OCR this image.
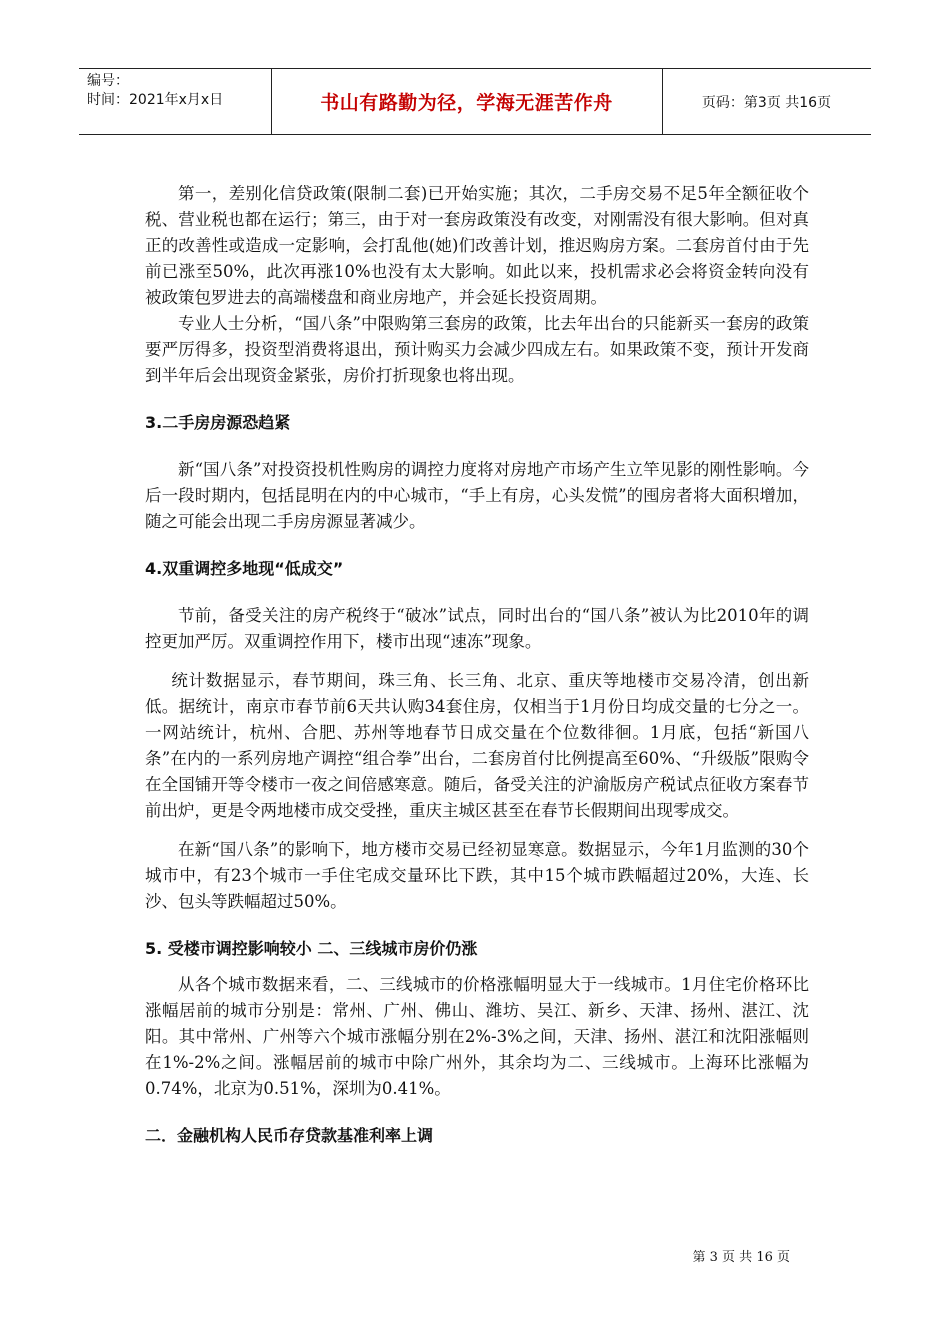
编号：
时间：2021年x月x日	书山有路勤为径，学海无涯苦作舟	页码：第3页 共16页

第一，差别化信贷政策(限制二套)已开始实施；其次，二手房交易不足5年全额征收个税、营业税也都在运行；第三，由于对一套房政策没有改变，对刚需没有很大影响。但对真正的改善性或造成一定影响，会打乱他(她)们改善计划，推迟购房方案。二套房首付由于先前已涨至50%，此次再涨10%也没有太大影响。如此以来，投机需求必会将资金转向没有被政策包罗进去的高端楼盘和商业房地产，并会延长投资周期。

专业人士分析，“国八条”中限购第三套房的政策，比去年出台的只能新买一套房的政策要严厉得多，投资型消费将退出，预计购买力会减少四成左右。如果政策不变，预计开发商到半年后会出现资金紧张，房价打折现象也将出现。

3.二手房房源恐趋紧

新“国八条”对投资投机性购房的调控力度将对房地产市场产生立竿见影的刚性影响。今后一段时期内，包括昆明在内的中心城市，“手上有房，心头发慌”的囤房者将大面积增加，随之可能会出现二手房房源显著减少。

4.双重调控多地现“低成交”

节前，备受关注的房产税终于“破冰”试点，同时出台的“国八条”被认为比2010年的调控更加严厉。双重调控作用下，楼市出现“速冻”现象。

统计数据显示，春节期间，珠三角、长三角、北京、重庆等地楼市交易冷清，创出新低。据统计，南京市春节前6天共认购34套住房，仅相当于1月份日均成交量的七分之一。一网站统计，杭州、合肥、苏州等地春节日成交量在个位数徘徊。1月底，包括“新国八条”在内的一系列房地产调控“组合拳”出台，二套房首付比例提高至60%、“升级版”限购令在全国铺开等令楼市一夜之间倍感寒意。随后，备受关注的沪渝版房产税试点征收方案春节前出炉，更是令两地楼市成交受挫，重庆主城区甚至在春节长假期间出现零成交。

在新“国八条”的影响下，地方楼市交易已经初显寒意。数据显示，今年1月监测的30个城市中，有23个城市一手住宅成交量环比下跌，其中15个城市跌幅超过20%，大连、长沙、包头等跌幅超过50%。

5. 受楼市调控影响较小 二、三线城市房价仍涨

从各个城市数据来看，二、三线城市的价格涨幅明显大于一线城市。1月住宅价格环比涨幅居前的城市分别是：常州、广州、佛山、潍坊、吴江、新乡、天津、扬州、湛江、沈阳。其中常州、广州等六个城市涨幅分别在2%-3%之间，天津、扬州、湛江和沈阳涨幅则在1%-2%之间。涨幅居前的城市中除广州外，其余均为二、三线城市。上海环比涨幅为0.74%，北京为0.51%，深圳为0.41%。

二．金融机构人民币存贷款基准利率上调

第 3 页 共 16 页
